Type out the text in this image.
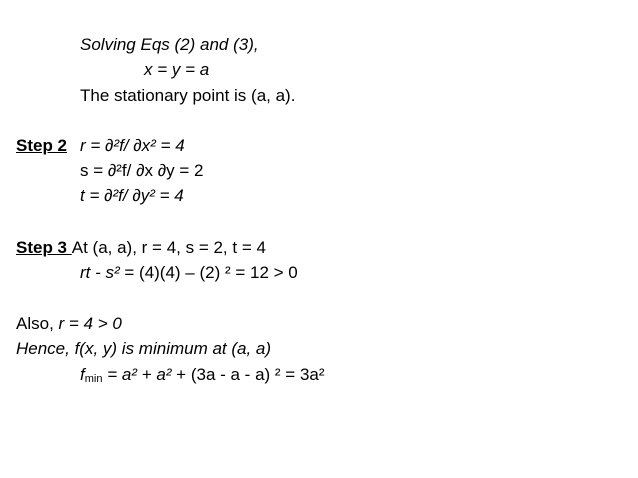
Solving Eqs (2) and (3),
x = y = a
The stationary point is (a, a).
Step 2 r = ∂²f/ ∂x² = 4
s = ∂²f/ ∂x ∂y = 2
t = ∂²f/ ∂y² = 4
Step 3 At (a, a), r = 4, s = 2, t = 4
rt - s² = (4)(4) – (2) ² = 12 > 0
Also, r = 4 > 0
Hence, f(x, y) is minimum at (a, a)
$f_{min} = a^2 + a^2 + (3a - a - a) ^2 = 3a^2$
